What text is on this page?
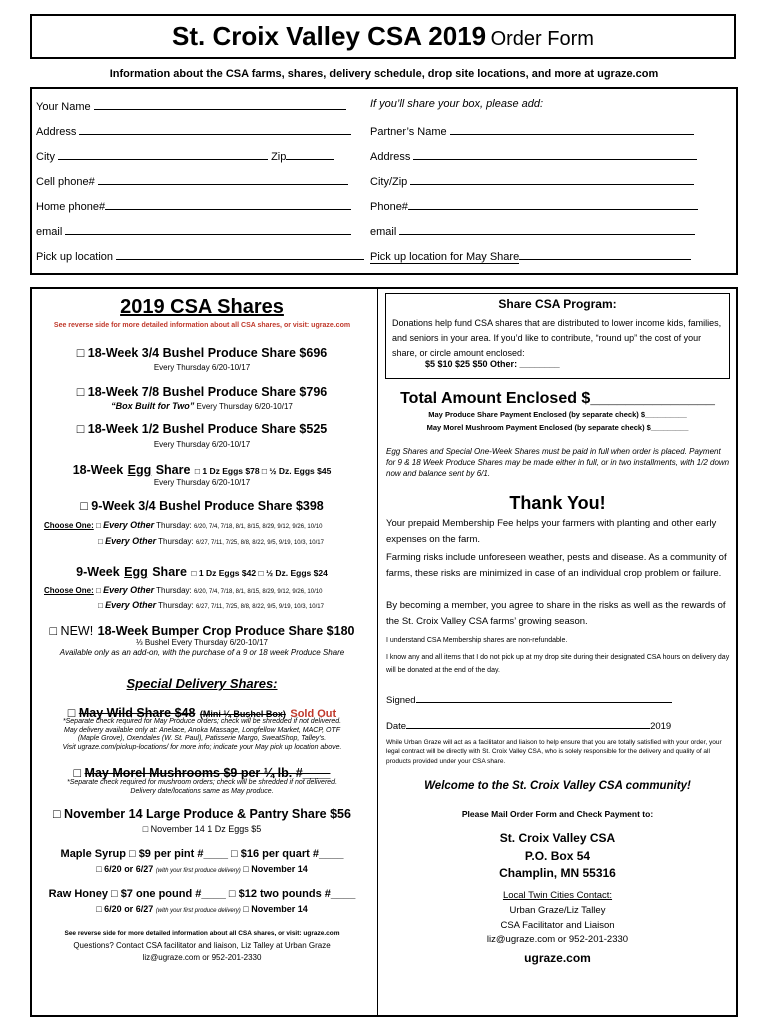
St. Croix Valley CSA 2019 Order Form
Information about the CSA farms, shares, delivery schedule, drop site locations, and more at ugraze.com
Your Name
Address
City	Zip
Cell phone#
Home phone#
email
Pick up location
If you’ll share your box, please add:
Partner’s Name
Address
City/Zip
Phone#
email
Pick up location for May Share
2019 CSA Shares
See reverse side for more detailed information about all CSA shares, or visit: ugraze.com
□ 18-Week 3/4 Bushel Produce Share $696
Every Thursday 6/20-10/17
□ 18-Week 7/8 Bushel Produce Share $796
“Box Built for Two” Every Thursday 6/20-10/17
□ 18-Week 1/2 Bushel Produce Share $525
Every Thursday 6/20-10/17
18-Week Egg Share □ 1 Dz Eggs $78 □ ½ Dz. Eggs $45
Every Thursday 6/20-10/17
□ 9-Week 3/4 Bushel Produce Share $398
Choose One: □ Every Other Thursday: 6/20, 7/4, 7/18, 8/1, 8/15, 8/29, 9/12, 9/26, 10/10
□ Every Other Thursday: 6/27, 7/11, 7/25, 8/8, 8/22, 9/5, 9/19, 10/3, 10/17
9-Week Egg Share □ 1 Dz Eggs $42 □ ½ Dz. Eggs $24
Choose One: □ Every Other Thursday: 6/20, 7/4, 7/18, 8/1, 8/15, 8/29, 9/12, 9/26, 10/10
□ Every Other Thursday: 6/27, 7/11, 7/25, 8/8, 8/22, 9/5, 9/19, 10/3, 10/17
□ NEW! 18-Week Bumper Crop Produce Share $180
⅓ Bushel Every Thursday 6/20-10/17
Available only as an add-on, with the purchase of a 9 or 18 week Produce Share
Special Delivery Shares:
□ May Wild Share $48 (Mini ¼ Bushel Box) Sold Out
*Separate check required for May Produce orders; check will be shredded if not delivered.
May delivery available only at: Anelace, Anoka Massage, Longfellow Market, MACP, OTF
(Maple Grove), Oxendales (W. St. Paul), Patisserie Margo, SweatShop, Talley’s.
Visit ugraze.com/pickup-locations/ for more info; indicate your May pick up location above.
□ May Morel Mushrooms $9 per ¼ lb. #____
*Separate check required for mushroom orders; check will be shredded if not delivered.
Delivery date/locations same as May produce.
□ November 14 Large Produce & Pantry Share $56
□ November 14 1 Dz Eggs $5
Maple Syrup □ $9 per pint #____ □ $16 per quart #____
□ 6/20 or 6/27 (with your first produce delivery) □ November 14
Raw Honey □ $7 one pound #____ □ $12 two pounds #____
□ 6/20 or 6/27 (with your first produce delivery) □ November 14
See reverse side for more detailed information about all CSA shares, or visit: ugraze.com
Questions? Contact CSA facilitator and liaison, Liz Talley at Urban Graze
liz@ugraze.com or 952-201-2330
Share CSA Program:
Donations help fund CSA shares that are distributed to lower income kids, families, and seniors in your area. If you’d like to contribute, “round up” the cost of your share, or circle amount enclosed:
$5 $10 $25 $50 Other: ________
Total Amount Enclosed $______________
May Produce Share Payment Enclosed (by separate check) $__________
May Morel Mushroom Payment Enclosed (by separate check) $_________
Egg Shares and Special One-Week Shares must be paid in full when order is placed. Payment for 9 & 18 Week Produce Shares may be made either in full, or in two installments, with 1/2 down now and balance sent by 6/1.
Thank You!
Your prepaid Membership Fee helps your farmers with planting and other early expenses on the farm.
Farming risks include unforeseen weather, pests and disease. As a community of farms, these risks are minimized in case of an individual crop problem or failure.
By becoming a member, you agree to share in the risks as well as the rewards of the St. Croix Valley CSA farms’ growing season.
I understand CSA Membership shares are non-refundable.
I know any and all items that I do not pick up at my drop site during their designated CSA hours on delivery day will be donated at the end of the day.
Signed
Date	2019
While Urban Graze will act as a facilitator and liaison to help ensure that you are totally satisfied with your order, your legal contract will be directly with St. Croix Valley CSA, who is solely responsible for the delivery and quality of all products provided under your CSA share.
Welcome to the St. Croix Valley CSA community!
Please Mail Order Form and Check Payment to:
St. Croix Valley CSA
P.O. Box 54
Champlin, MN 55316
Local Twin Cities Contact:
Urban Graze/Liz Talley
CSA Facilitator and Liaison
liz@ugraze.com or 952-201-2330
ugraze.com
